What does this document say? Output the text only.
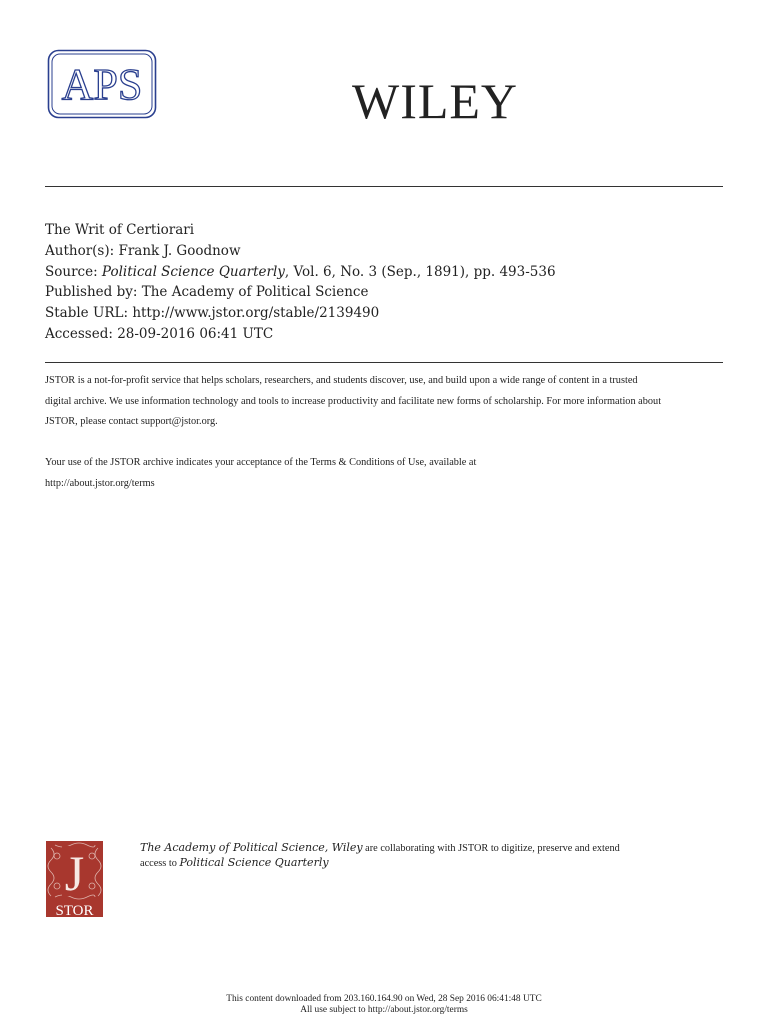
APS	WILEY
The Writ of Certiorari
Author(s): Frank J. Goodnow
Source: Political Science Quarterly, Vol. 6, No. 3 (Sep., 1891), pp. 493-536
Published by: The Academy of Political Science
Stable URL: http://www.jstor.org/stable/2139490
Accessed: 28-09-2016 06:41 UTC
JSTOR is a not-for-profit service that helps scholars, researchers, and students discover, use, and build upon a wide range of content in a trusted
digital archive. We use information technology and tools to increase productivity and facilitate new forms of scholarship. For more information about
JSTOR, please contact support@jstor.org.
Your use of the JSTOR archive indicates your acceptance of the Terms & Conditions of Use, available at
http://about.jstor.org/terms
J
STOR
The Academy of Political Science, Wiley are collaborating with JSTOR to digitize, preserve and extend
access to Political Science Quarterly
This content downloaded from 203.160.164.90 on Wed, 28 Sep 2016 06:41:48 UTC
All use subject to http://about.jstor.org/terms
